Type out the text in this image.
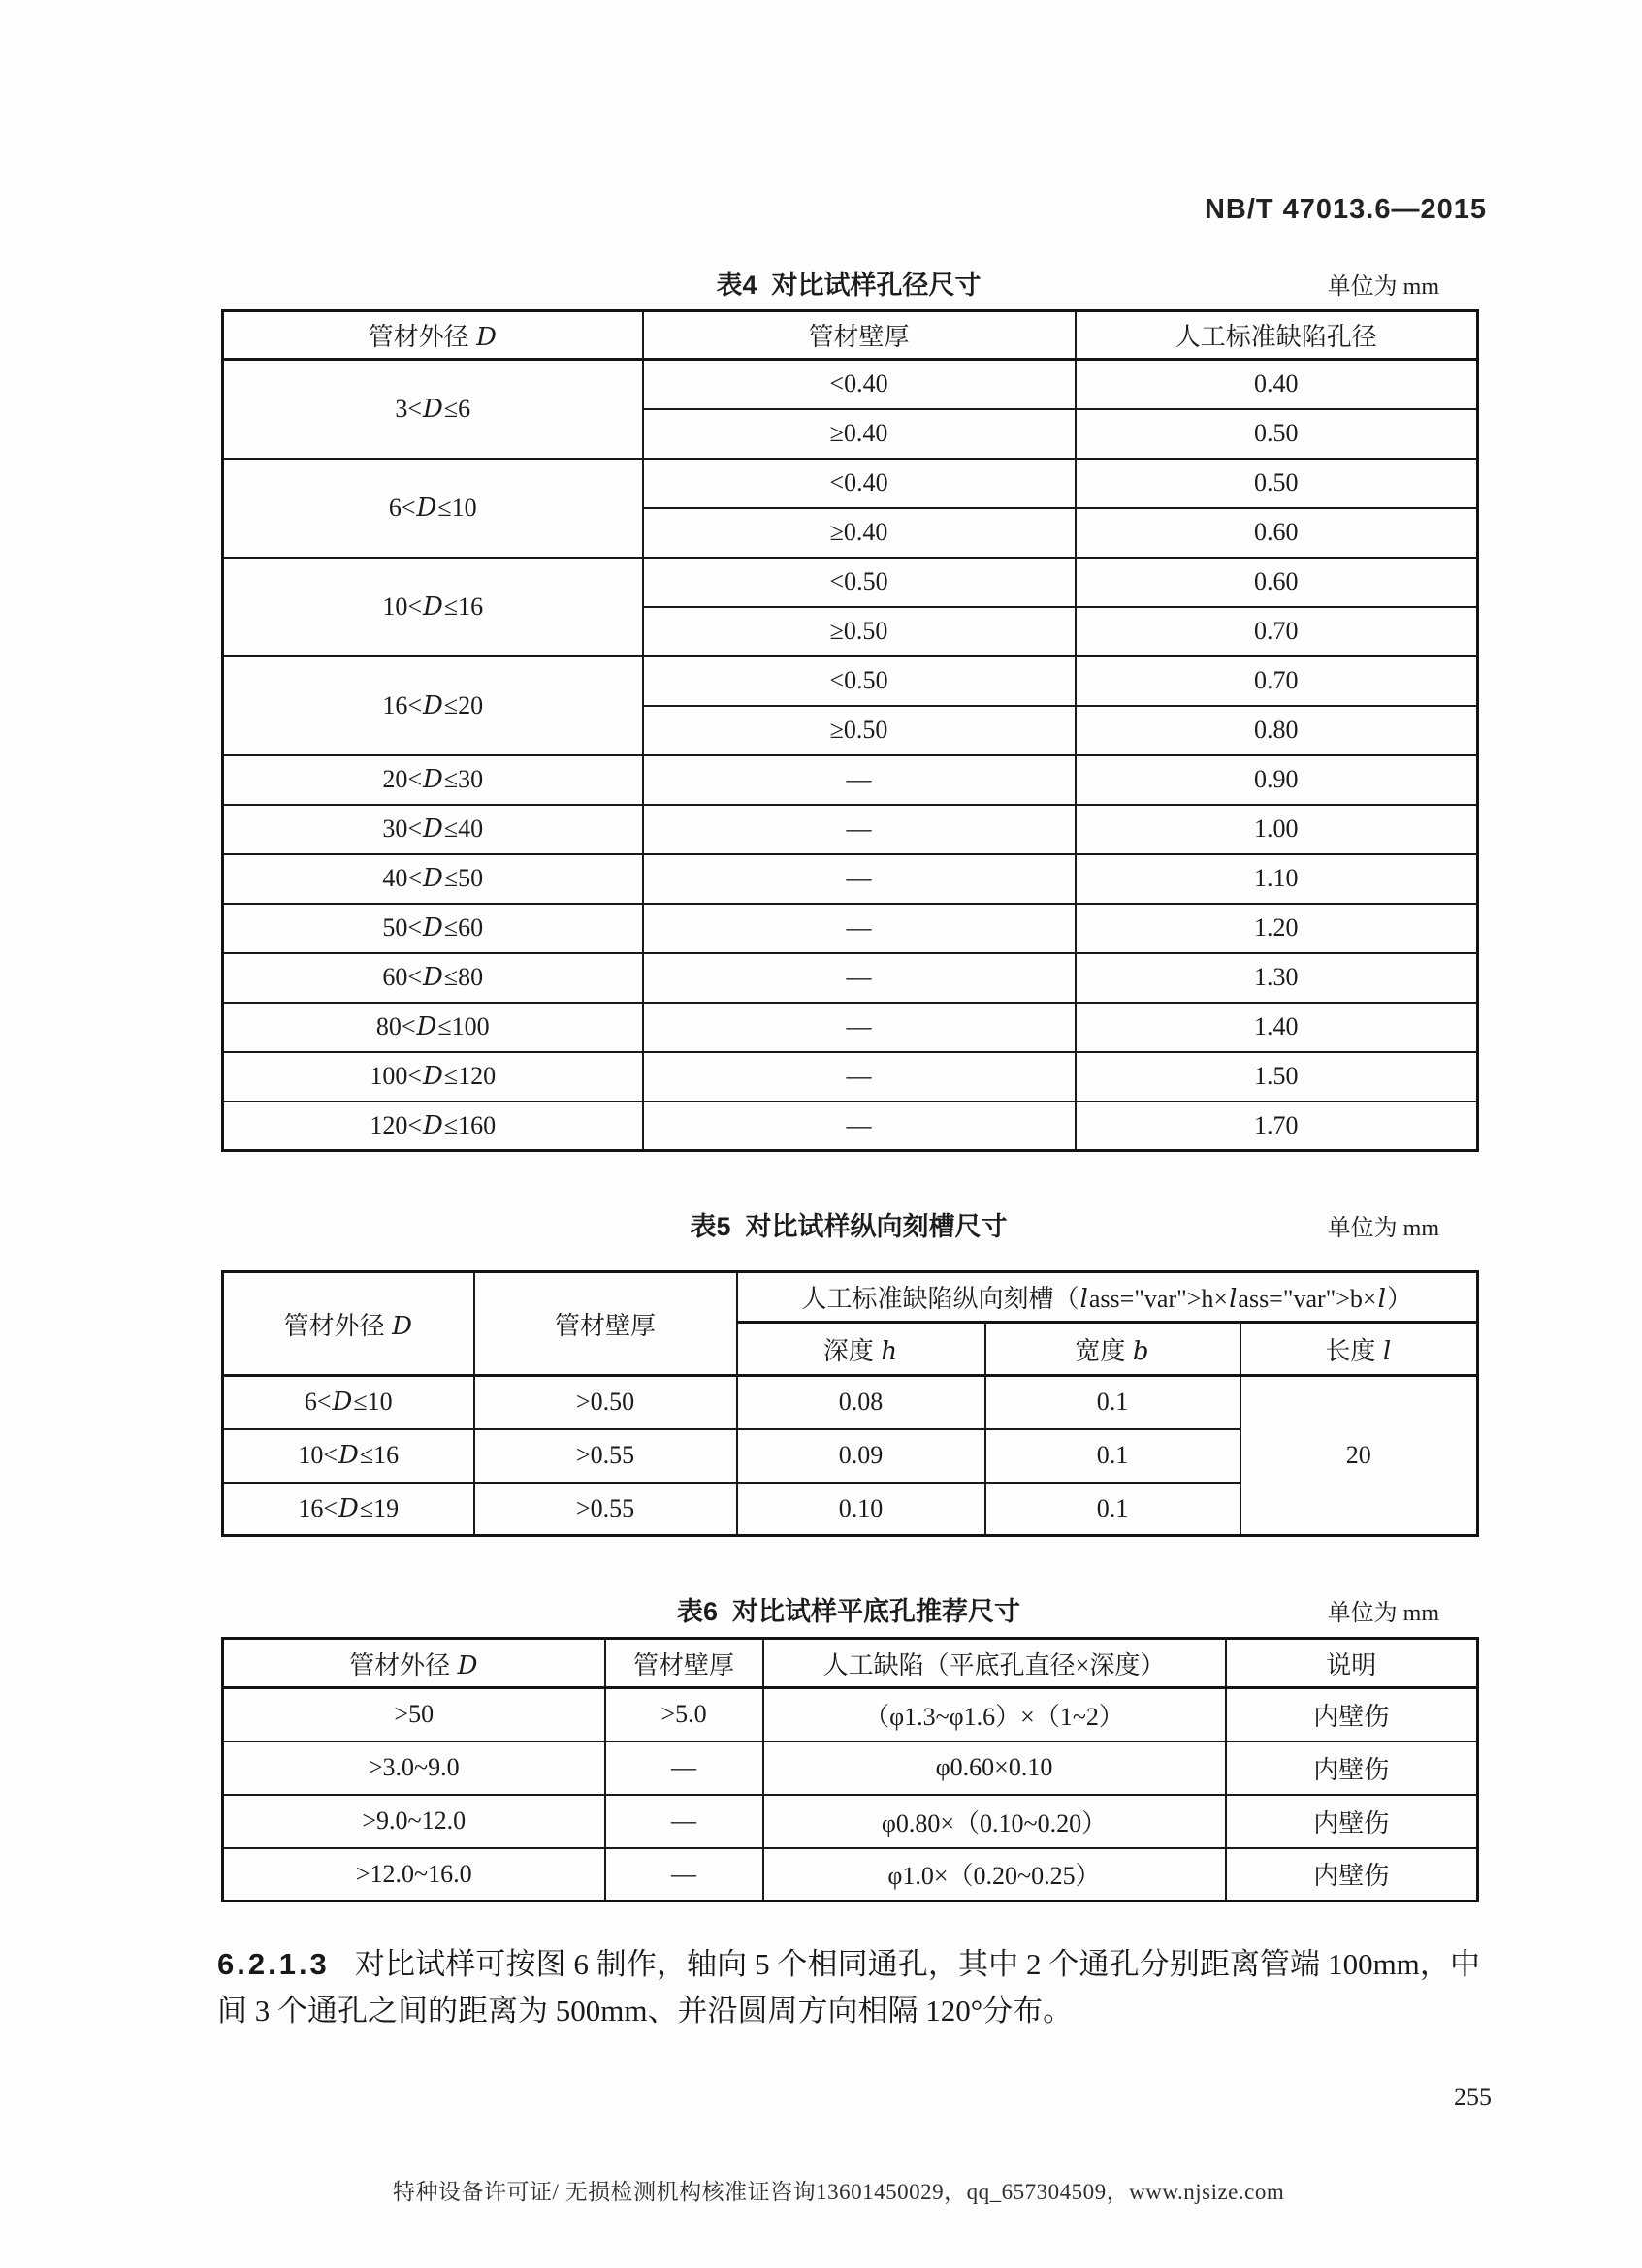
NB/T 47013.6—2015
表4  对比试样孔径尺寸	单位为 mm
管材外径 D	管材壁厚	人工标准缺陷孔径
3<D≤6	<0.40	0.40
	≥0.40	0.50
6<D≤10	<0.40	0.50
	≥0.40	0.60
10<D≤16	<0.50	0.60
	≥0.50	0.70
16<D≤20	<0.50	0.70
	≥0.50	0.80
20<D≤30	—	0.90
30<D≤40	—	1.00
40<D≤50	—	1.10
50<D≤60	—	1.20
60<D≤80	—	1.30
80<D≤100	—	1.40
100<D≤120	—	1.50
120<D≤160	—	1.70
表5  对比试样纵向刻槽尺寸	单位为 mm
管材外径 D	管材壁厚	人工标准缺陷纵向刻槽（lass="var">h×lass="var">b×l）		
		深度 h	宽度 b	长度 l
6<D≤10	>0.50	0.08	0.1	20
10<D≤16	>0.55	0.09	0.1	
16<D≤19	>0.55	0.10	0.1	
表6  对比试样平底孔推荐尺寸	单位为 mm
管材外径 D	管材壁厚	人工缺陷（平底孔直径×深度）	说明
>50	>5.0	（φ1.3~φ1.6）×（1~2）	内壁伤
>3.0~9.0	—	φ0.60×0.10	内壁伤
>9.0~12.0	—	φ0.80×（0.10~0.20）	内壁伤
>12.0~16.0	—	φ1.0×（0.20~0.25）	内壁伤

6.2.1.3 对比试样可按图 6 制作，轴向 5 个相同通孔，其中 2 个通孔分别距离管端 100mm，中间 3 个通孔之间的距离为 500mm、并沿圆周方向相隔 120°分布。

255
特种设备许可证/ 无损检测机构核准证咨询13601450029，qq_657304509，www.njsize.com
